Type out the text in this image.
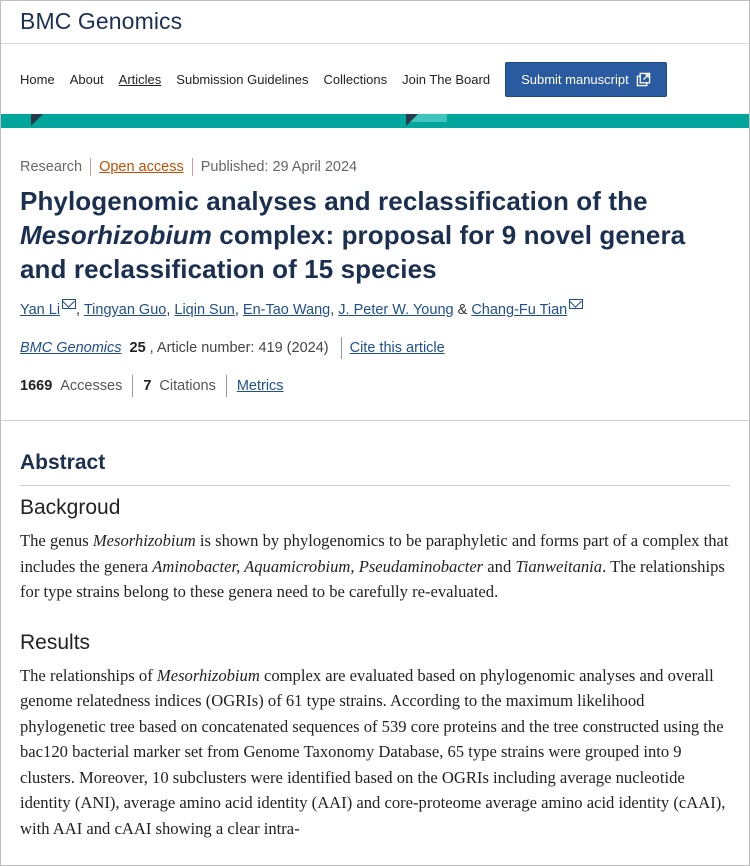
BMC Genomics
Home About Articles Submission Guidelines Collections Join The Board Submit manuscript
Research Open access Published: 29 April 2024
Phylogenomic analyses and reclassification of the Mesorhizobium complex: proposal for 9 novel genera and reclassification of 15 species
Yan Li , Tingyan Guo, Liqin Sun, En-Tao Wang, J. Peter W. Young & Chang-Fu Tian
BMC Genomics 25 , Article number: 419 (2024) Cite this article
1669 Accesses 7 Citations Metrics
Abstract
Backgroud

The genus Mesorhizobium is shown by phylogenomics to be paraphyletic and forms part of a complex that includes the genera Aminobacter, Aquamicrobium, Pseudaminobacter and Tianweitania. The relationships for type strains belong to these genera need to be carefully re-evaluated.

Results

The relationships of Mesorhizobium complex are evaluated based on phylogenomic analyses and overall genome relatedness indices (OGRIs) of 61 type strains. According to the maximum likelihood phylogenetic tree based on concatenated sequences of 539 core proteins and the tree constructed using the bac120 bacterial marker set from Genome Taxonomy Database, 65 type strains were grouped into 9 clusters. Moreover, 10 subclusters were identified based on the OGRIs including average nucleotide identity (ANI), average amino acid identity (AAI) and core-proteome average amino acid identity (cAAI), with AAI and cAAI showing a clear intra-
